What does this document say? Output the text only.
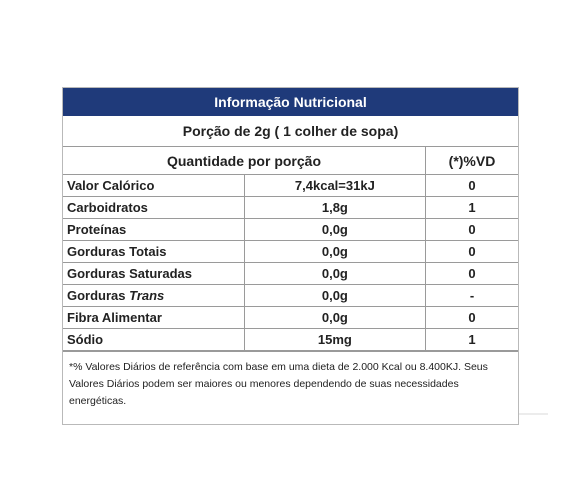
Informação Nutricional
Porção de 2g ( 1 colher de sopa)
Quantidade por porção		(*)%VD
Valor Calórico	7,4kcal=31kJ	0
Carboidratos	1,8g	1
Proteínas	0,0g	0
Gorduras Totais	0,0g	0
Gorduras Saturadas	0,0g	0
Gorduras Trans	0,0g	-
Fibra Alimentar	0,0g	0
Sódio	15mg	1
*% Valores Diários de referência com base em uma dieta de 2.000 Kcal ou 8.400KJ. Seus Valores Diários podem ser maiores ou menores dependendo de suas necessidades energéticas.
